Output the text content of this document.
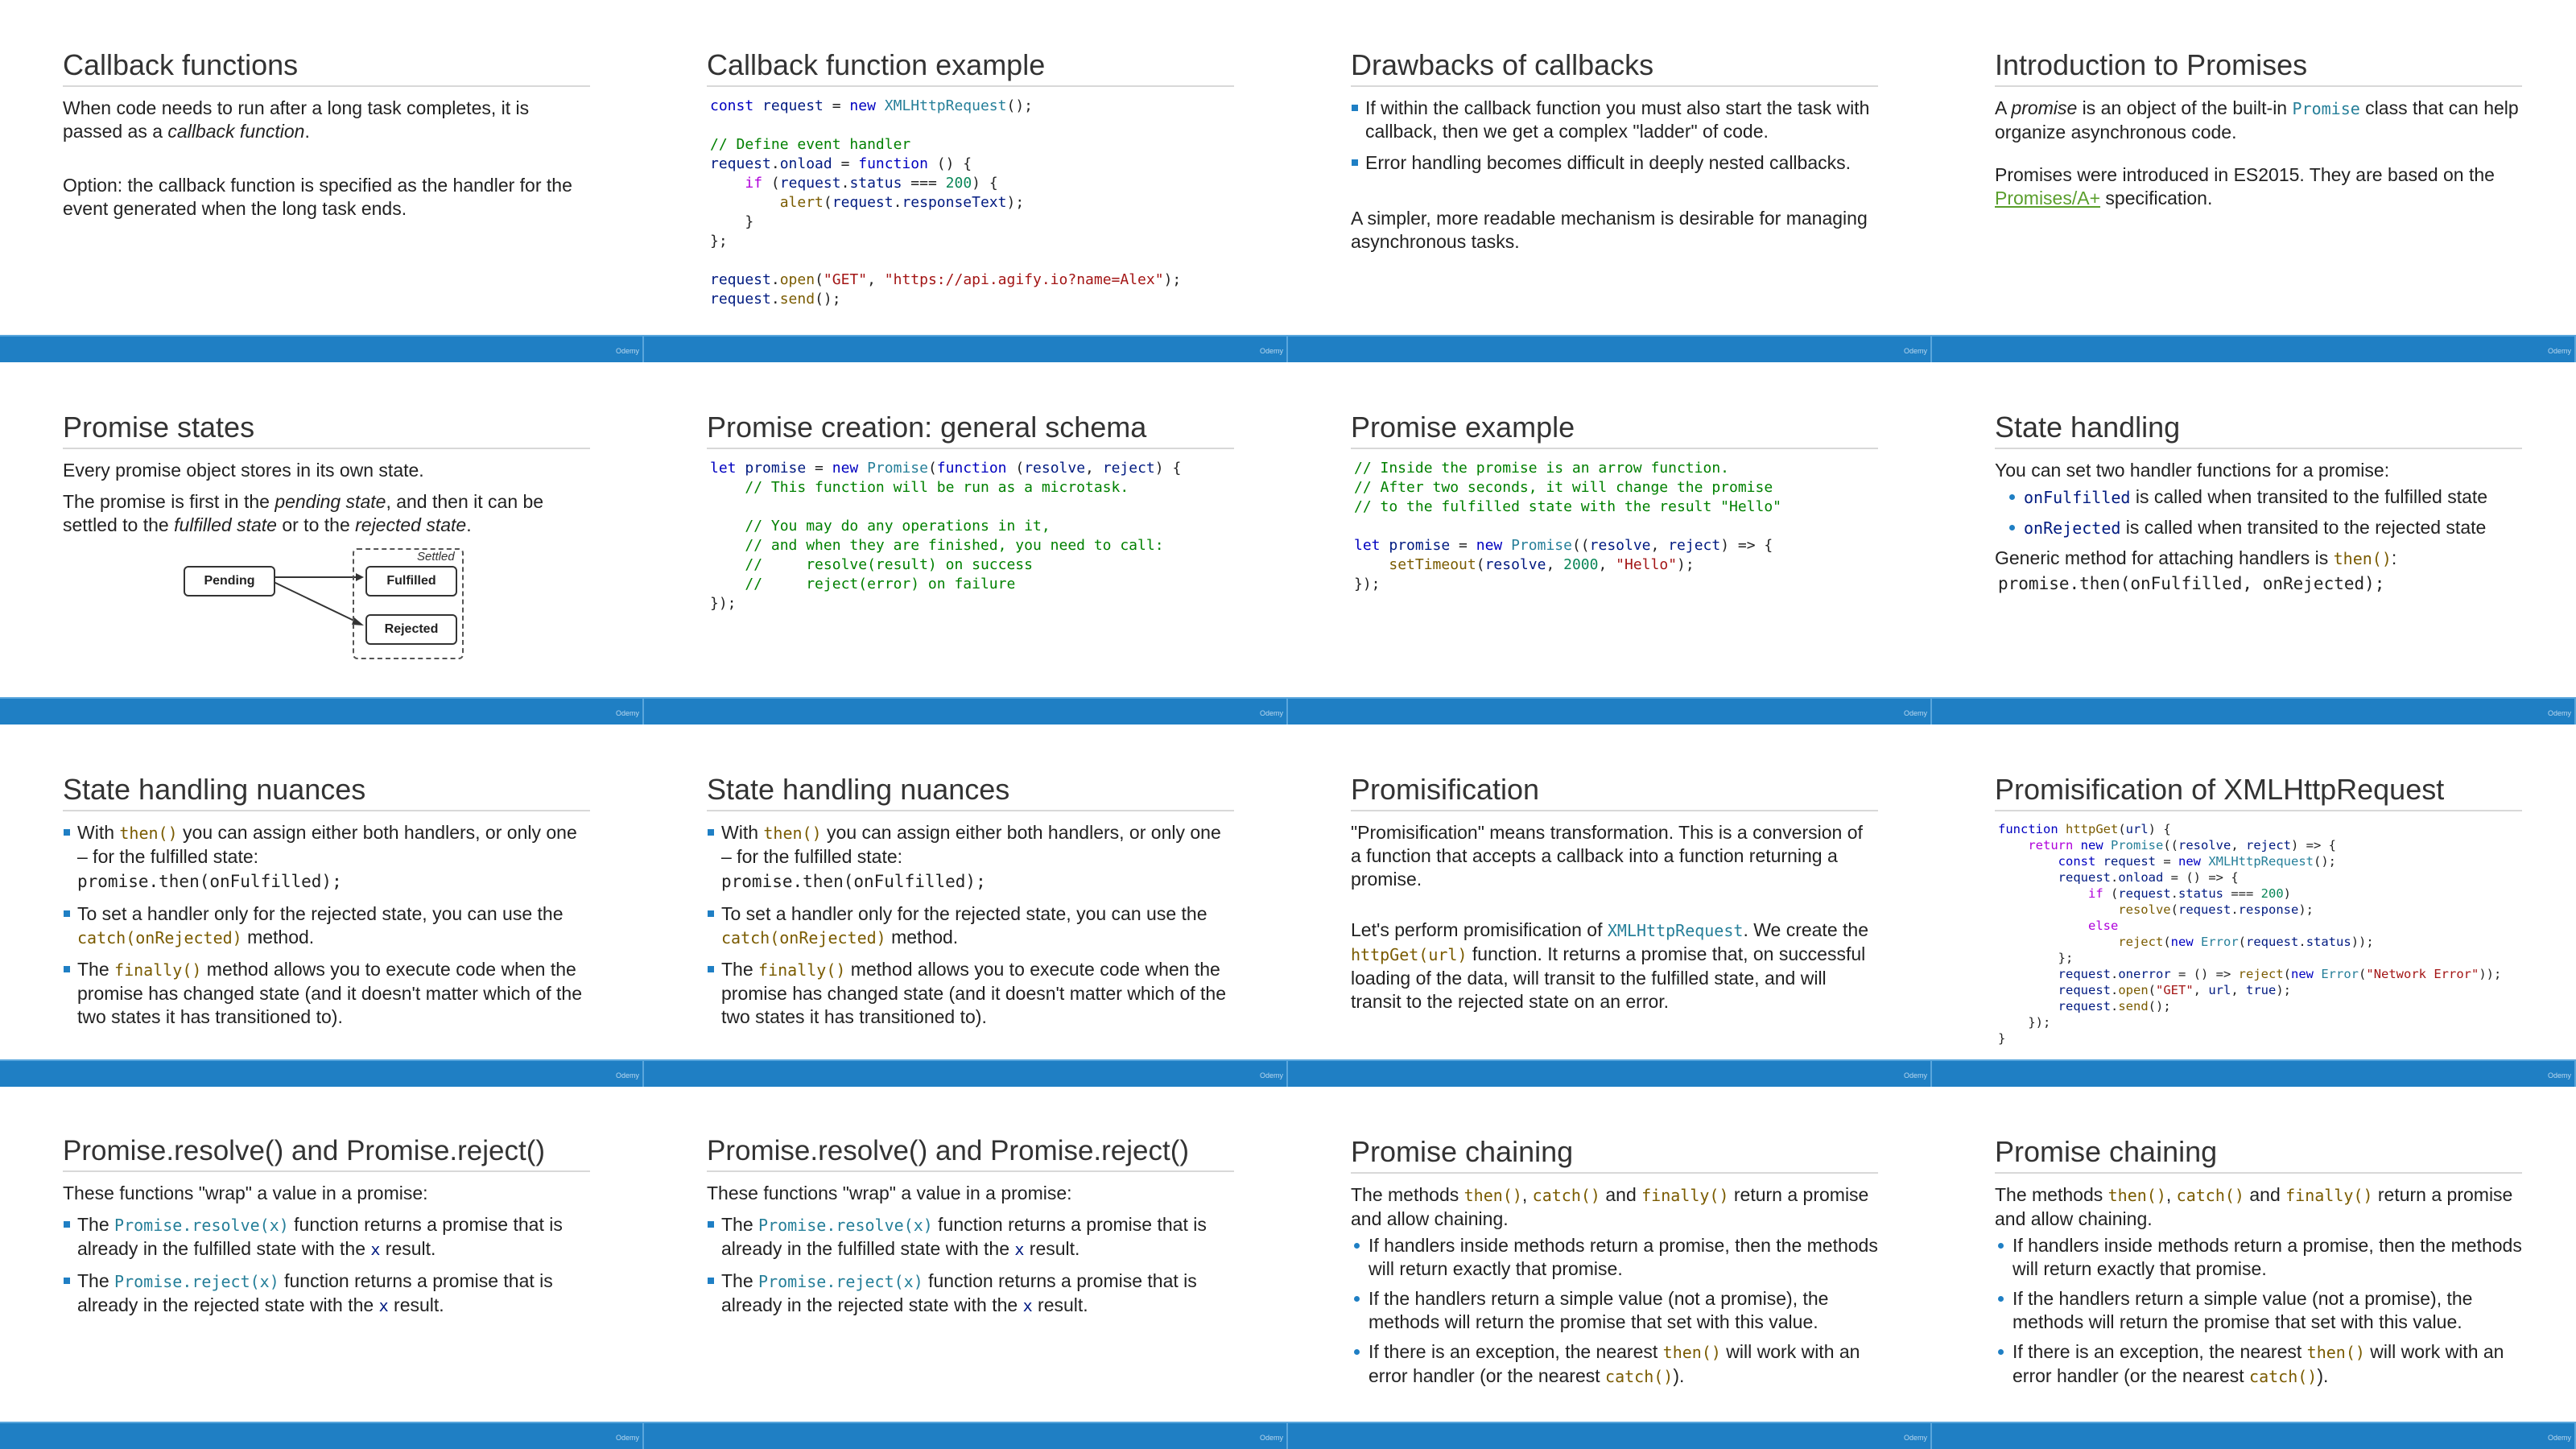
Callback functions

When code needs to run after a long task completes, it is passed as a callback function.

Option: the callback function is specified as the handler for the event generated when the long task ends.

Odemy
Callback function example
const request = new XMLHttpRequest();

// Define event handler
request.onload = function () {
if (request.status === 200) {
alert(request.responseText);
}
};

request.open("GET", "https://api.agify.io?name=Alex");
request.send();
Odemy
Drawbacks of callbacks
If within the callback function you must also start the task with callback, then we get a complex "ladder" of code.
Error handling becomes difficult in deeply nested callbacks.

A simpler, more readable mechanism is desirable for managing asynchronous tasks.

Odemy
Introduction to Promises

A promise is an object of the built-in Promise class that can help organize asynchronous code.

Promises were introduced in ES2015. They are based on the Promises/A+ specification.

Odemy
Promise states

Every promise object stores in its own state.

The promise is first in the pending state, and then it can be settled to the fulfilled state or to the rejected state.

Settled
Pending	Fulfilled
Rejected
Odemy
Promise creation: general schema
let promise = new Promise(function (resolve, reject) {
// This function will be run as a microtask.

// You may do any operations in it,
// and when they are finished, you need to call:
//     resolve(result) on success
//     reject(error) on failure
});
Odemy
Promise example
// Inside the promise is an arrow function.
// After two seconds, it will change the promise
// to the fulfilled state with the result "Hello"

let promise = new Promise((resolve, reject) => {
setTimeout(resolve, 2000, "Hello");
});
Odemy
State handling

You can set two handler functions for a promise:

onFulfilled is called when transited to the fulfilled state
onRejected is called when transited to the rejected state

Generic method for attaching handlers is then():

promise.then(onFulfilled, onRejected);
Odemy
State handling nuances
With then() you can assign either both handlers, or only one – for the fulfilled state:
promise.then(onFulfilled);
To set a handler only for the rejected state, you can use the catch(onRejected) method.
The finally() method allows you to execute code when the promise has changed state (and it doesn't matter which of the two states it has transitioned to).
Odemy
State handling nuances
With then() you can assign either both handlers, or only one – for the fulfilled state:
promise.then(onFulfilled);
To set a handler only for the rejected state, you can use the catch(onRejected) method.
The finally() method allows you to execute code when the promise has changed state (and it doesn't matter which of the two states it has transitioned to).
Odemy
Promisification

"Promisification" means transformation. This is a conversion of a function that accepts a callback into a function returning a promise.

Let's perform promisification of XMLHttpRequest. We create the httpGet(url) function. It returns a promise that, on successful loading of the data, will transit to the fulfilled state, and will transit to the rejected state on an error.

Odemy
Promisification of XMLHttpRequest
function httpGet(url) {
return new Promise((resolve, reject) => {
const request = new XMLHttpRequest();
request.onload = () => {
if (request.status === 200)
resolve(request.response);
else
reject(new Error(request.status));
};
request.onerror = () => reject(new Error("Network Error"));
request.open("GET", url, true);
request.send();
});
}
Odemy
Promise.resolve() and Promise.reject()

These functions "wrap" a value in a promise:

The Promise.resolve(x) function returns a promise that is already in the fulfilled state with the x result.
The Promise.reject(x) function returns a promise that is already in the rejected state with the x result.
Odemy
Promise.resolve() and Promise.reject()

These functions "wrap" a value in a promise:

The Promise.resolve(x) function returns a promise that is already in the fulfilled state with the x result.
The Promise.reject(x) function returns a promise that is already in the rejected state with the x result.
Odemy
Promise chaining

The methods then(), catch() and finally() return a promise and allow chaining.

If handlers inside methods return a promise, then the methods will return exactly that promise.
If the handlers return a simple value (not a promise), the methods will return the promise that set with this value.
If there is an exception, the nearest then() will work with an error handler (or the nearest catch()).
Odemy
Promise chaining

The methods then(), catch() and finally() return a promise and allow chaining.

If handlers inside methods return a promise, then the methods will return exactly that promise.
If the handlers return a simple value (not a promise), the methods will return the promise that set with this value.
If there is an exception, the nearest then() will work with an error handler (or the nearest catch()).
Odemy
